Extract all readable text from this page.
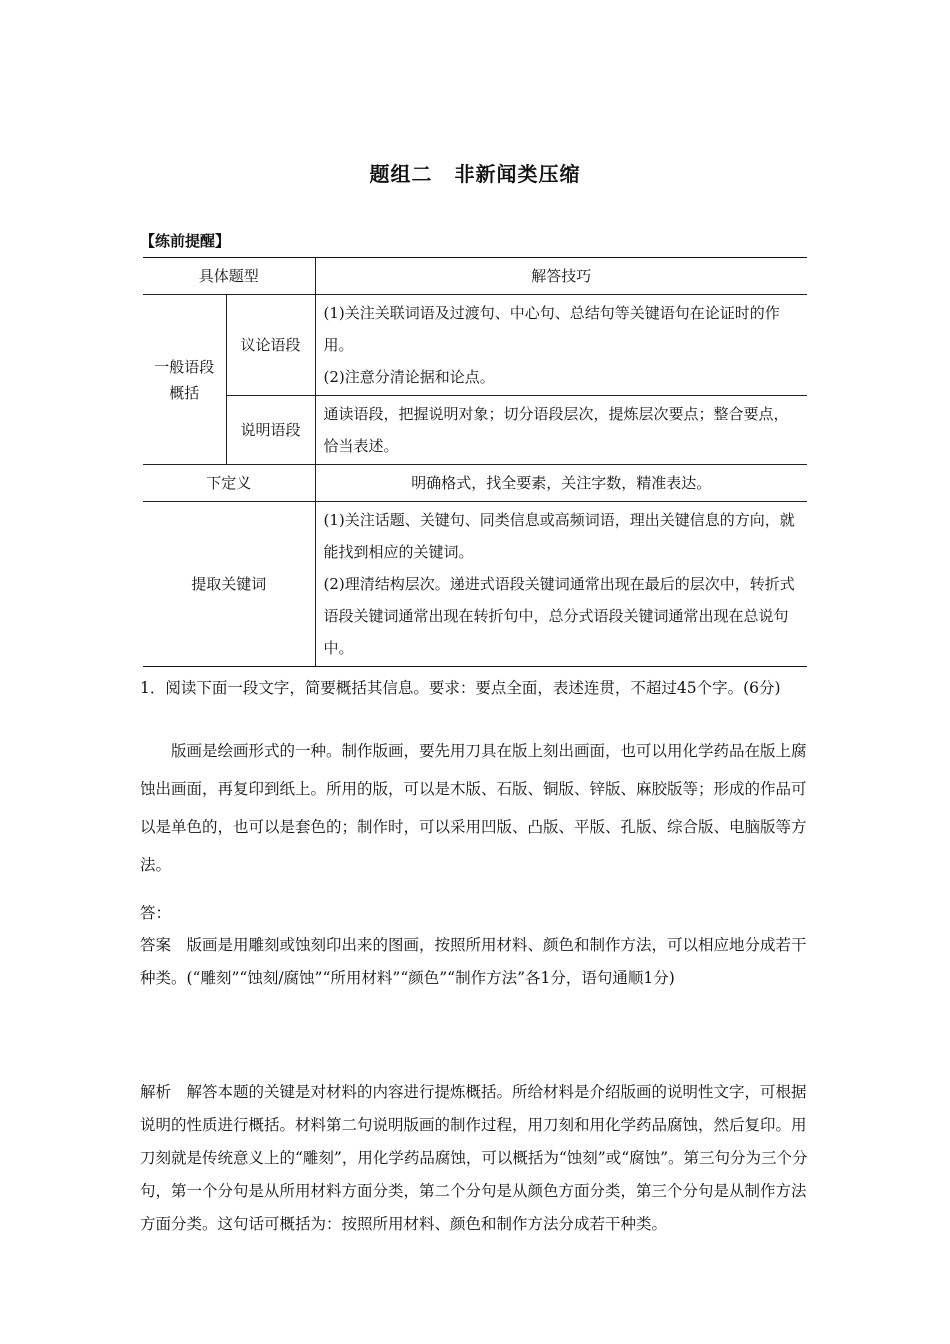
题组二 非新闻类压缩
【练前提醒】
具体题型		解答技巧
一般语段概括	议论语段	(1)关注关联词语及过渡句、中心句、总结句等关键语句在论证时的作用。
(2)注意分清论据和论点。

	说明语段	通读语段，把握说明对象；切分语段层次，提炼层次要点；整合要点，恰当表述。
下定义		明确格式，找全要素，关注字数，精准表达。
提取关键词		(1)关注话题、关键句、同类信息或高频词语，理出关键信息的方向，就能找到相应的关键词。
(2)理清结构层次。递进式语段关键词通常出现在最后的层次中，转折式语段关键词通常出现在转折句中，总分式语段关键词通常出现在总说句中。
1．阅读下面一段文字，简要概括其信息。要求：要点全面，表述连贯，不超过45个字。(6分)
版画是绘画形式的一种。制作版画，要先用刀具在版上刻出画面，也可以用化学药品在版上腐蚀出画面，再复印到纸上。所用的版，可以是木版、石版、铜版、锌版、麻胶版等；形成的作品可以是单色的，也可以是套色的；制作时，可以采用凹版、凸版、平版、孔版、综合版、电脑版等方法。
答：
答案　版画是用雕刻或蚀刻印出来的图画，按照所用材料、颜色和制作方法，可以相应地分成若干种类。(“雕刻”“蚀刻/腐蚀”“所用材料”“颜色”“制作方法”各1分，语句通顺1分)
解析　解答本题的关键是对材料的内容进行提炼概括。所给材料是介绍版画的说明性文字，可根据说明的性质进行概括。材料第二句说明版画的制作过程，用刀刻和用化学药品腐蚀，然后复印。用刀刻就是传统意义上的“雕刻”，用化学药品腐蚀，可以概括为“蚀刻”或“腐蚀”。第三句分为三个分句，第一个分句是从所用材料方面分类，第二个分句是从颜色方面分类，第三个分句是从制作方法方面分类。这句话可概括为：按照所用材料、颜色和制作方法分成若干种类。
